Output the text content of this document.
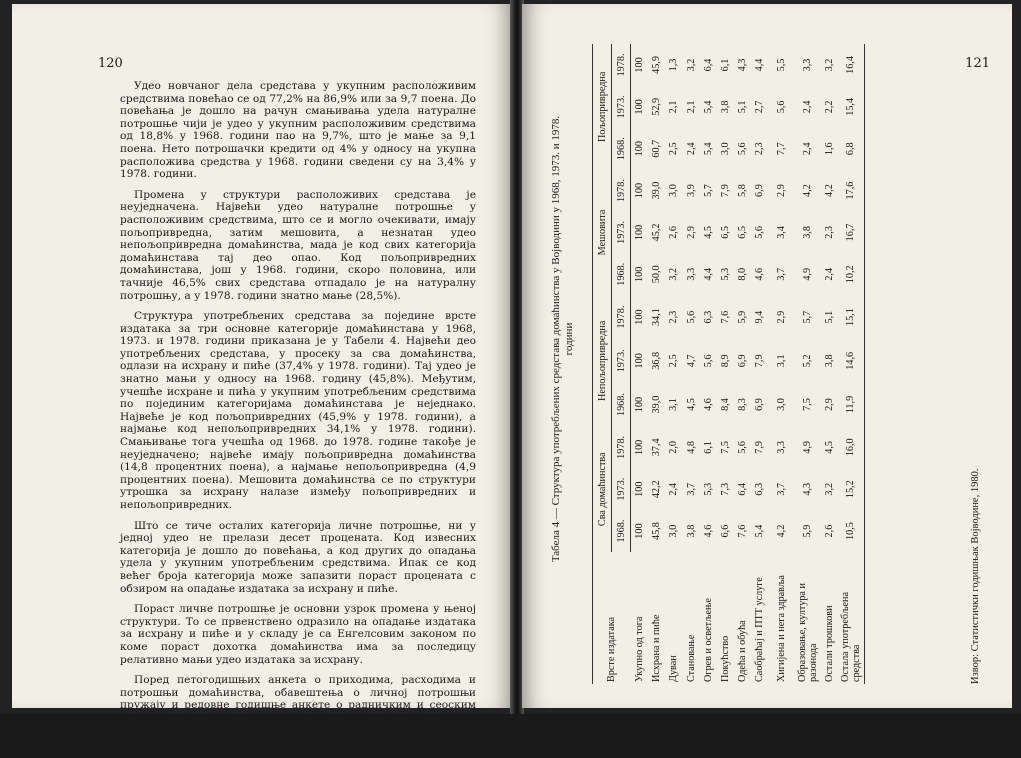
120

Удео новчаног дела средстава у укупним расположивим средствима повећао се од 77,2% на 86,9% или за 9,7 поена. До повећања је дошло на рачун смањивања удела натуралне потрошње чији је удео у укупним расположивим средствима од 18,8% у 1968. години пао на 9,7%, што је мање за 9,1 поена. Нето потрошачки кредити од 4% у односу на укупна расположива средства у 1968. години сведени су на 3,4% у 1978. години.

Промена у структури расположивих средстава је неуједначена. Највећи удео натуралне потрошње у расположивим средствима, што се и могло очекивати, имају пољопривредна, затим мешовита, а незнатан удео непољопривредна домаћинства, мада је код свих категорија домаћинстава тај део опао. Код пољопривредних домаћинстава, још у 1968. години, скоро половина, или тачније 46,5% свих средстава отпадало је на натуралну потрошњу, а у 1978. години знатно мање (28,5%).

Структура употребљених средстава за поједине врсте издатака за три основне категорије домаћинстава у 1968, 1973. и 1978. години приказана је у Табели 4. Највећи део употребљених средстава, у просеку за сва домаћинства, одлази на исхрану и пиће (37,4% у 1978. години). Тај удео је знатно мањи у односу на 1968. годину (45,8%). Међутим, учешће исхране и пића у укупним употребљеним средствима по појединим категоријама домаћинстава је неједнако. Највеће је код пољопривредних (45,9% у 1978. години), а најмање код непољопривредних 34,1% у 1978. години). Смањивање тога учешћа од 1968. до 1978. године такође је неуједначено; највеће имају пољопривредна домаћинства (14,8 процентних поена), а најмање непољопривредна (4,9 процентних поена). Мешовита домаћинства се по структури утрошка за исхрану налазе између пољопривредних и непољопривредних.

Што се тиче осталих категорија личне потрошње, ни у једној удео не прелази десет процената. Код извесних категорија је дошло до повећања, а код других до опадања удела у укупним употребљеним средствима. Ипак се код већег броја категорија може запазити пораст процената с обзиром на опадање издатака за исхрану и пиће.

Пораст личне потрошње је основни узрок промена у њеној структури. То се првенствено одразило на опадање издатака за исхрану и пиће и у складу је са Енгелсовим законом по коме пораст дохотка домаћинства има за последицу релативно мањи удео издатака за исхрану.

Поред петогодишњих анкета о приходима, расходима и потрошњи домаћинства, обавештења о личној потрошњи пружају и редовне годишње анкете о радничким и сеоским домаћинствима. Нормално је очекивати да се резултати ових анкета у потпуности не подударају с обзиром на различите методологије и обухваћена домаћинства, али

121
Табела 4 — Структура употребљених средстава домаћинства у Војводини у 1968, 1973. и 1978. години
Врсте издатака	Сва домаћинства			Непољопривредна			Мешовита			Пољопривредна		
	1968.	1973.	1978.	1968.	1973.	1978.	1968.	1973.	1978.	1968.	1973.	1978.
Укупно од тога	100	100	100	100	100	100	100	100	100	100	100	100
Исхрана и пиће	45,8	42,2	37,4	39,0	36,8	34,1	50,0	45,2	39,0	60,7	52,9	45,9
Дуван	3,0	2,4	2,0	3,1	2,5	2,3	3,2	2,6	3,0	2,5	2,1	1,3
Становање	3,8	3,7	4,8	4,5	4,7	5,6	3,3	2,9	3,9	2,4	2,1	3,2
Огрев и осветљење	4,6	5,3	6,1	4,6	5,6	6,3	4,4	4,5	5,7	5,4	5,4	6,4
Покућство	6,6	7,3	7,5	8,4	8,9	7,6	5,3	6,5	7,9	3,0	3,8	6,1
Одећа и обућа	7,6	6,4	5,6	8,3	6,9	5,9	8,0	6,5	5,8	5,6	5,1	4,3
Саобраћај и ПТТ услуге	5,4	6,3	7,9	6,9	7,9	9,4	4,6	5,6	6,9	2,3	2,7	4,4
Хигијена и нега здравља	4,2	3,7	3,3	3,0	3,1	2,9	3,7	3,4	2,9	7,7	5,6	5,5
Образовање, култура и разонода	5,9	4,3	4,9	7,5	5,2	5,7	4,9	3,8	4,2	2,4	2,4	3,3
Остали трошкови	2,6	3,2	4,5	2,9	3,8	5,1	2,4	2,3	4,2	1,6	2,2	3,2
Остала употребљена средства	10,5	15,2	16,0	11,9	14,6	15,1	10,2	16,7	17,6	6,8	15,4	16,4
Извор: Статистички годишњак Војводине, 1980.
